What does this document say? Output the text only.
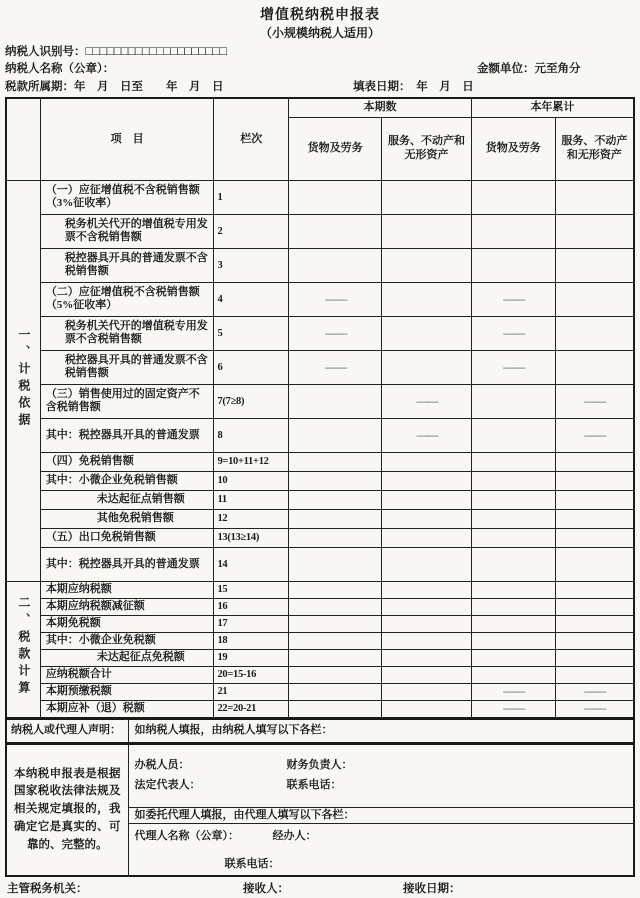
增值税纳税申报表
（小规模纳税人适用）
纳税人识别号：□□□□□□□□□□□□□□□□□□□□
纳税人名称（公章）：	金额单位：元至角分
税款所属期：年　月　日至　　年　月　日	填表日期：　 年　月　日
	项　目	栏次	本期数		本年累计	
			货物及劳务	服务、不动产和无形资产	货物及劳务	服务、不动产和无形资产
一、计税依据	（一）应征增值税不含税销售额（3%征收率）	1				
	税务机关代开的增值税专用发票不含税销售额	2				
	税控器具开具的普通发票不含税销售额	3				
	（二）应征增值税不含税销售额（5%征收率）	4	——		——	
	税务机关代开的增值税专用发票不含税销售额	5	——		——	
	税控器具开具的普通发票不含税销售额	6	——		——	
	（三）销售使用过的固定资产不含税销售额	7(7≥8)		——		——
	其中：税控器具开具的普通发票	8		——		——
	（四）免税销售额	9=10+11+12				
	其中：小微企业免税销售额	10				
	未达起征点销售额	11				
	其他免税销售额	12				
	（五）出口免税销售额	13(13≥14)				
	其中：税控器具开具的普通发票	14				
二、税款计算	本期应纳税额	15				
	本期应纳税额减征额	16				
	本期免税额	17				
	其中：小微企业免税额	18				
	未达起征点免税额	19				
	应纳税额合计	20=15-16				
	本期预缴税额	21			——	——
	本期应补（退）税额	22=20-21			——	——
纳税人或代理人声明：	如纳税人填报，由纳税人填写以下各栏：
本纳税申报表是根据国家税收法律法规及相关规定填报的，我确定它是真实的、可靠的、完整的。	
办税人员：	财务负责人：
法定代表人：	联系电话：

如委托代理人填报，由代理人填写以下各栏：

代理人名称（公章）：	经办人：
联系电话：
主管税务机关：	接收人：	接收日期：
